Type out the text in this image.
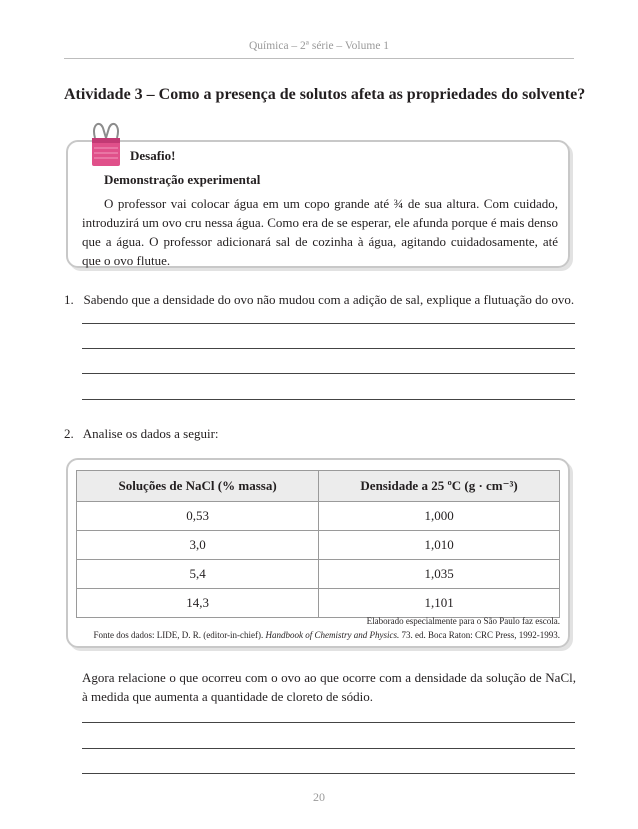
Química – 2ª série – Volume 1
Atividade 3 – Como a presença de solutos afeta as propriedades do solvente?
Desafio!
Demonstração experimental
O professor vai colocar água em um copo grande até ¾ de sua altura. Com cuidado, introduzirá um ovo cru nessa água. Como era de se esperar, ele afunda porque é mais denso que a água. O professor adicionará sal de cozinha à água, agitando cuidadosamente, até que o ovo flutue.
1. Sabendo que a densidade do ovo não mudou com a adição de sal, explique a flutuação do ovo.
2. Analise os dados a seguir:
Soluções de NaCl (% massa)	Densidade a 25 ºC (g · cm⁻³)
0,53	1,000
3,0	1,010
5,4	1,035
14,3	1,101
Elaborado especialmente para o São Paulo faz escola.
Fonte dos dados: LIDE, D. R. (editor-in-chief). Handbook of Chemistry and Physics. 73. ed. Boca Raton: CRC Press, 1992-1993.
Agora relacione o que ocorreu com o ovo ao que ocorre com a densidade da solução de NaCl, à medida que aumenta a quantidade de cloreto de sódio.
20
